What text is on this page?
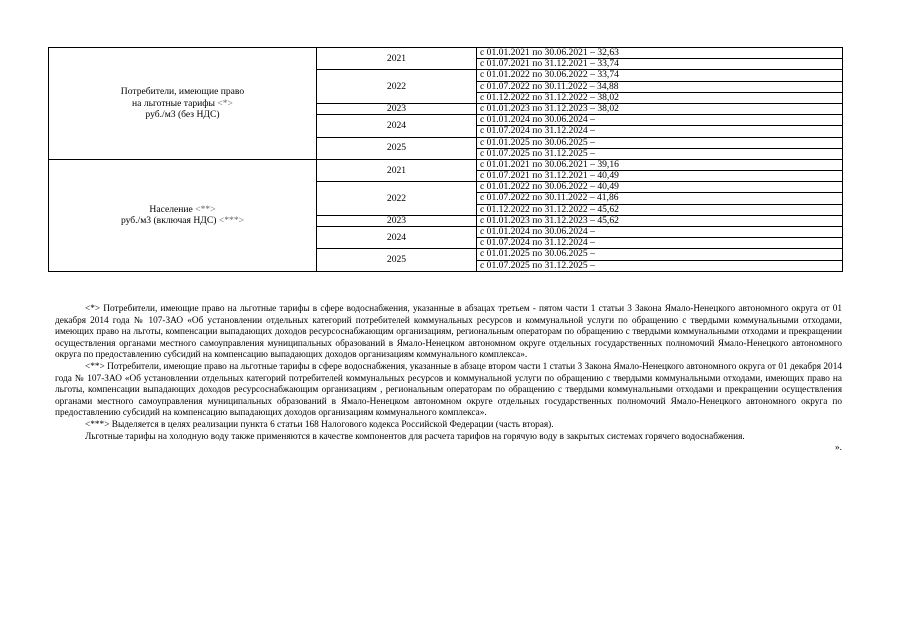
Потребители, имеющие право
на льготные тарифы <*>
руб./м3 (без НДС)	2021	с 01.01.2021 по 30.06.2021 – 32,63
с 01.07.2021 по 31.12.2021 – 33,74

	2022	с 01.01.2022 по 30.06.2022 – 33,74
с 01.07.2022 по 30.11.2022 – 34,88
с 01.12.2022 по 31.12.2022 – 38,02

	2023	с 01.01.2023 по 31.12.2023 – 38,02

	2024	с 01.01.2024 по 30.06.2024 –
с 01.07.2024 по 31.12.2024 –

	2025	с 01.01.2025 по 30.06.2025 –
с 01.07.2025 по 31.12.2025 –

Население <**>
руб./м3 (включая НДС) <***>	2021	с 01.01.2021 по 30.06.2021 – 39,16
с 01.07.2021 по 31.12.2021 – 40,49

	2022	с 01.01.2022 по 30.06.2022 – 40,49
с 01.07.2022 по 30.11.2022 – 41,86
с 01.12.2022 по 31.12.2022 – 45,62

	2023	с 01.01.2023 по 31.12.2023 – 45,62

	2024	с 01.01.2024 по 30.06.2024 –
с 01.07.2024 по 31.12.2024 –

	2025	с 01.01.2025 по 30.06.2025 –
с 01.07.2025 по 31.12.2025 –

<*> Потребители, имеющие право на льготные тарифы в сфере водоснабжения, указанные в абзацах третьем - пятом части 1 статьи 3 Закона Ямало-Ненецкого автономного округа от 01 декабря 2014 года № 107-ЗАО «Об установлении отдельных категорий потребителей коммунальных ресурсов и коммунальной услуги по обращению с твердыми коммунальными отходами, имеющих право на льготы, компенсации выпадающих доходов ресурсоснабжающим организациям, региональным операторам по обращению с твердыми коммунальными отходами и прекращении осуществления органами местного самоуправления муниципальных образований в Ямало-Ненецком автономном округе отдельных государственных полномочий Ямало-Ненецкого автономного округа по предоставлению субсидий на компенсацию выпадающих доходов организациям коммунального комплекса».

<**> Потребители, имеющие право на льготные тарифы в сфере водоснабжения, указанные в абзаце втором части 1 статьи 3 Закона Ямало-Ненецкого автономного округа от 01 декабря 2014 года № 107-ЗАО «Об установлении отдельных категорий потребителей коммунальных ресурсов и коммунальной услуги по обращению с твердыми коммунальными отходами, имеющих право на льготы, компенсации выпадающих доходов ресурсоснабжающим организациям , региональным операторам по обращению с твердыми коммунальными отходами и прекращении осуществления органами местного самоуправления муниципальных образований в Ямало-Ненецком автономном округе отдельных государственных полномочий Ямало-Ненецкого автономного округа по предоставлению субсидий на компенсацию выпадающих доходов организациям коммунального комплекса».

<***> Выделяется в целях реализации пункта 6 статьи 168 Налогового кодекса Российской Федерации (часть вторая).

Льготные тарифы на холодную воду также применяются в качестве компонентов для расчета тарифов на горячую воду в закрытых системах горячего водоснабжения.

».
